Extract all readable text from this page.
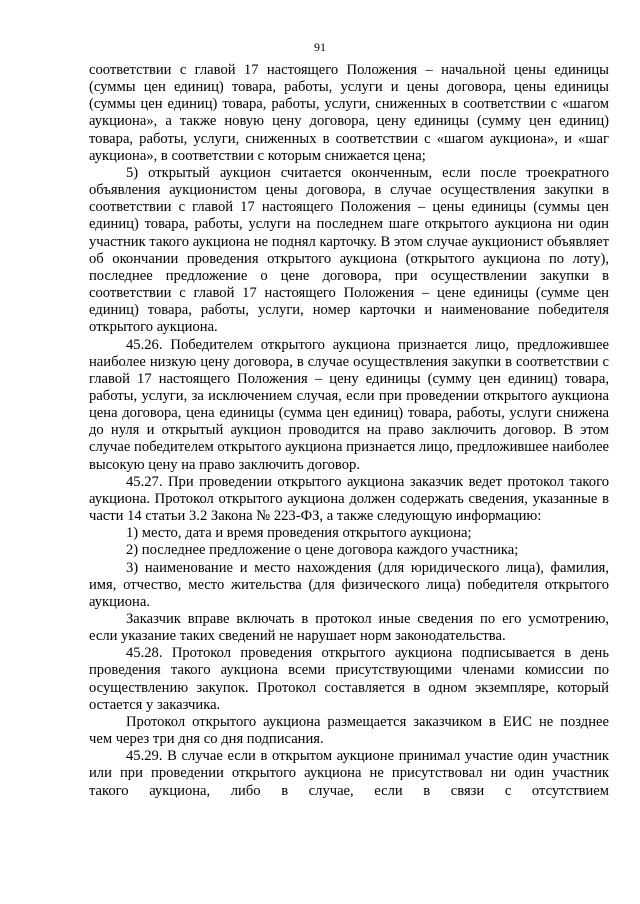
91

соответствии с главой 17 настоящего Положения – начальной цены единицы (суммы цен единиц) товара, работы, услуги и цены договора, цены единицы (суммы цен единиц) товара, работы, услуги, сниженных в соответствии с «шагом аукциона», а также новую цену договора, цену единицы (сумму цен единиц) товара, работы, услуги, сниженных в соответствии с «шагом аукциона», и «шаг аукциона», в соответствии с которым снижается цена;

5) открытый аукцион считается оконченным, если после троекратного объявления аукционистом цены договора, в случае осуществления закупки в соответствии с главой 17 настоящего Положения – цены единицы (суммы цен единиц) товара, работы, услуги на последнем шаге открытого аукциона ни один участник такого аукциона не поднял карточку. В этом случае аукционист объявляет об окончании проведения открытого аукциона (открытого аукциона по лоту), последнее предложение о цене договора, при осуществлении закупки в соответствии с главой 17 настоящего Положения – цене единицы (сумме цен единиц) товара, работы, услуги, номер карточки и наименование победителя открытого аукциона.

45.26. Победителем открытого аукциона признается лицо, предложившее наиболее низкую цену договора, в случае осуществления закупки в соответствии с главой 17 настоящего Положения – цену единицы (сумму цен единиц) товара, работы, услуги, за исключением случая, если при проведении открытого аукциона цена договора, цена единицы (сумма цен единиц) товара, работы, услуги снижена до нуля и открытый аукцион проводится на право заключить договор. В этом случае победителем открытого аукциона признается лицо, предложившее наиболее высокую цену на право заключить договор.

45.27. При проведении открытого аукциона заказчик ведет протокол такого аукциона. Протокол открытого аукциона должен содержать сведения, указанные в части 14 статьи 3.2 Закона № 223-ФЗ, а также следующую информацию:

1) место, дата и время проведения открытого аукциона;

2) последнее предложение о цене договора каждого участника;

3) наименование и место нахождения (для юридического лица), фамилия, имя, отчество, место жительства (для физического лица) победителя открытого аукциона.

Заказчик вправе включать в протокол иные сведения по его усмотрению, если указание таких сведений не нарушает норм законодательства.

45.28. Протокол проведения открытого аукциона подписывается в день проведения такого аукциона всеми присутствующими членами комиссии по осуществлению закупок. Протокол составляется в одном экземпляре, который остается у заказчика.

Протокол открытого аукциона размещается заказчиком в ЕИС не позднее чем через три дня со дня подписания.

45.29. В случае если в открытом аукционе принимал участие один участник или при проведении открытого аукциона не присутствовал ни один участник такого аукциона, либо в случае, если в связи с отсутствием
